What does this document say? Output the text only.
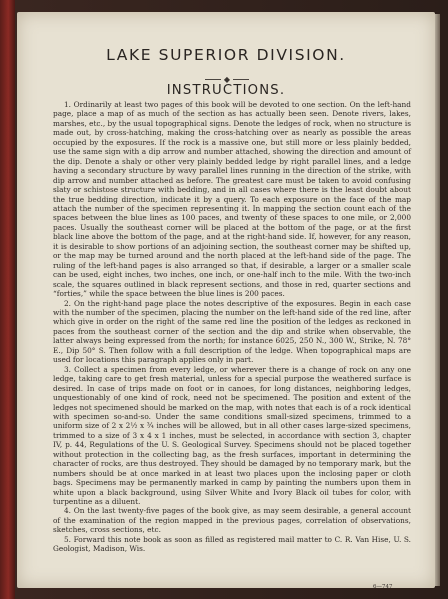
LAKE SUPERIOR DIVISION.
◆
INSTRUCTIONS.

1. Ordinarily at least two pages of this book will be devoted to one section. On the left-hand page, place a map of as much of the section as has actually been seen. Denote rivers, lakes, marshes, etc., by the usual topographical signs. Denote the ledges of rock, when no structure is made out, by cross-hatching, making the cross-hatching over as nearly as possible the areas occupied by the exposures. If the rock is a massive one, but still more or less plainly bedded, use the same sign with a dip arrow and number attached, showing the direction and amount of the dip. Denote a shaly or other very plainly bedded ledge by right parallel lines, and a ledge having a secondary structure by wavy parallel lines running in the direction of the strike, with dip arrow and number attached as before. The greatest care must be taken to avoid confusing slaty or schistose structure with bedding, and in all cases where there is the least doubt about the true bedding direction, indicate it by a query. To each exposure on the face of the map attach the number of the specimen representing it. In mapping the section count each of the spaces between the blue lines as 100 paces, and twenty of these spaces to one mile, or 2,000 paces. Usually the southeast corner will be placed at the bottom of the page, or at the first black line above the bottom of the page, and at the right-hand side. If, however, for any reason, it is desirable to show portions of an adjoining section, the southeast corner may be shifted up, or the map may be turned around and the north placed at the left-hand side of the page. The ruling of the left-hand pages is also arranged so that, if desirable, a larger or a smaller scale can be used, eight inches, two inches, one inch, or one-half inch to the mile. With the two-inch scale, the squares outlined in black represent sections, and those in red, quarter sections and “forties,” while the space between the blue lines is 200 paces.

2. On the right-hand page place the notes descriptive of the exposures. Begin in each case with the number of the specimen, placing the number on the left-hand side of the red line, after which give in order on the right of the same red line the position of the ledges as reckoned in paces from the southeast corner of the section and the dip and strike when observable, the latter always being expressed from the north; for instance 6025, 250 N., 300 W., Strike, N. 78° E., Dip 50° S. Then follow with a full description of the ledge. When topographical maps are used for locations this paragraph applies only in part.

3. Collect a specimen from every ledge, or wherever there is a change of rock on any one ledge, taking care to get fresh material, unless for a special purpose the weathered surface is desired. In case of trips made on foot or in canoes, for long distances, neighboring ledges, unquestionably of one kind of rock, need not be specimened. The position and extent of the ledges not specimened should be marked on the map, with notes that each is of a rock identical with specimen so-and-so. Under the same conditions small-sized specimens, trimmed to a uniform size of 2 x 2½ x ¾ inches will be allowed, but in all other cases large-sized specimens, trimmed to a size of 3 x 4 x 1 inches, must be selected, in accordance with section 3, chapter IV, p. 44, Regulations of the U. S. Geological Survey. Specimens should not be placed together without protection in the collecting bag, as the fresh surfaces, important in determining the character of rocks, are thus destroyed. They should be damaged by no temporary mark, but the numbers should be at once marked in at least two places upon the inclosing paper or cloth bags. Specimens may be permanently marked in camp by painting the numbers upon them in white upon a black background, using Silver White and Ivory Black oil tubes for color, with turpentine as a diluent.

4. On the last twenty-five pages of the book give, as may seem desirable, a general account of the examination of the region mapped in the previous pages, correlation of observations, sketches, cross sections, etc.

5. Forward this note book as soon as filled as registered mail matter to C. R. Van Hise, U. S. Geologist, Madison, Wis.

6—747
